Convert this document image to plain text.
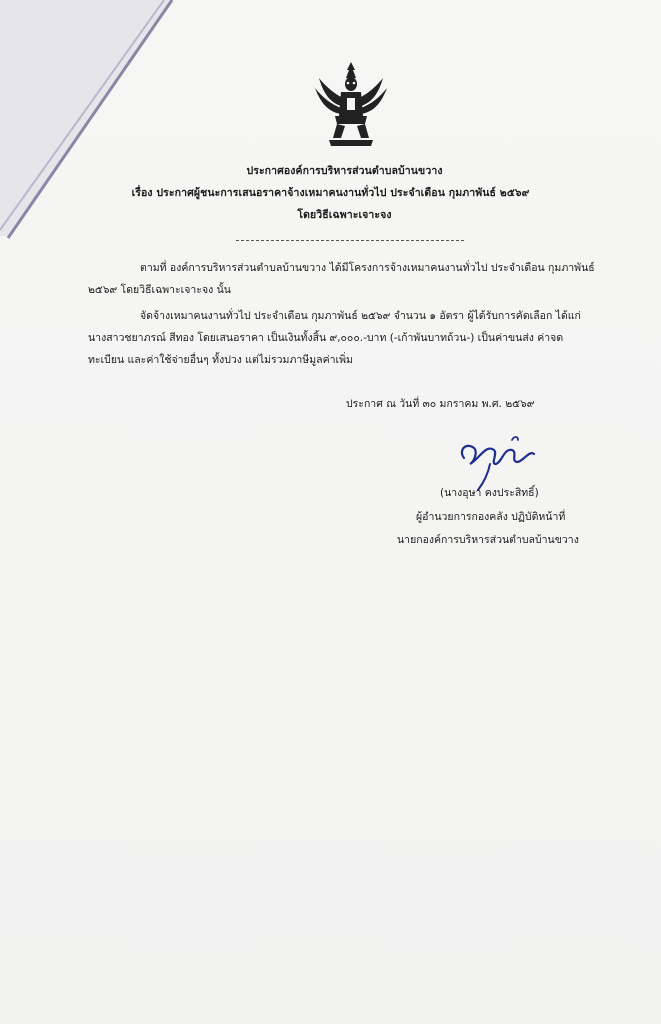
ประกาศองค์การบริหารส่วนตำบลบ้านขวาง
เรื่อง ประกาศผู้ชนะการเสนอราคาจ้างเหมาคนงานทั่วไป ประจำเดือน กุมภาพันธ์ ๒๕๖๙
โดยวิธีเฉพาะเจาะจง
ตามที่ องค์การบริหารส่วนตำบลบ้านขวาง ได้มีโครงการจ้างเหมาคนงานทั่วไป ประจำเดือน กุมภาพันธ์
๒๕๖๙ โดยวิธีเฉพาะเจาะจง นั้น
จัดจ้างเหมาคนงานทั่วไป ประจำเดือน กุมภาพันธ์ ๒๕๖๙ จำนวน ๑ อัตรา ผู้ได้รับการคัดเลือก ได้แก่
นางสาวชยาภรณ์ สีทอง โดยเสนอราคา เป็นเงินทั้งสิ้น ๙,๐๐๐.-บาท (-เก้าพันบาทถ้วน-) เป็นค่าขนส่ง ค่าจด
ทะเบียน และค่าใช้จ่ายอื่นๆ ทั้งปวง แต่ไม่รวมภาษีมูลค่าเพิ่ม
ประกาศ ณ วันที่ ๓๐ มกราคม พ.ศ. ๒๕๖๙
(นางอุษา คงประสิทธิ์)
ผู้อำนวยการกองคลัง ปฏิบัติหน้าที่
นายกองค์การบริหารส่วนตำบลบ้านขวาง
